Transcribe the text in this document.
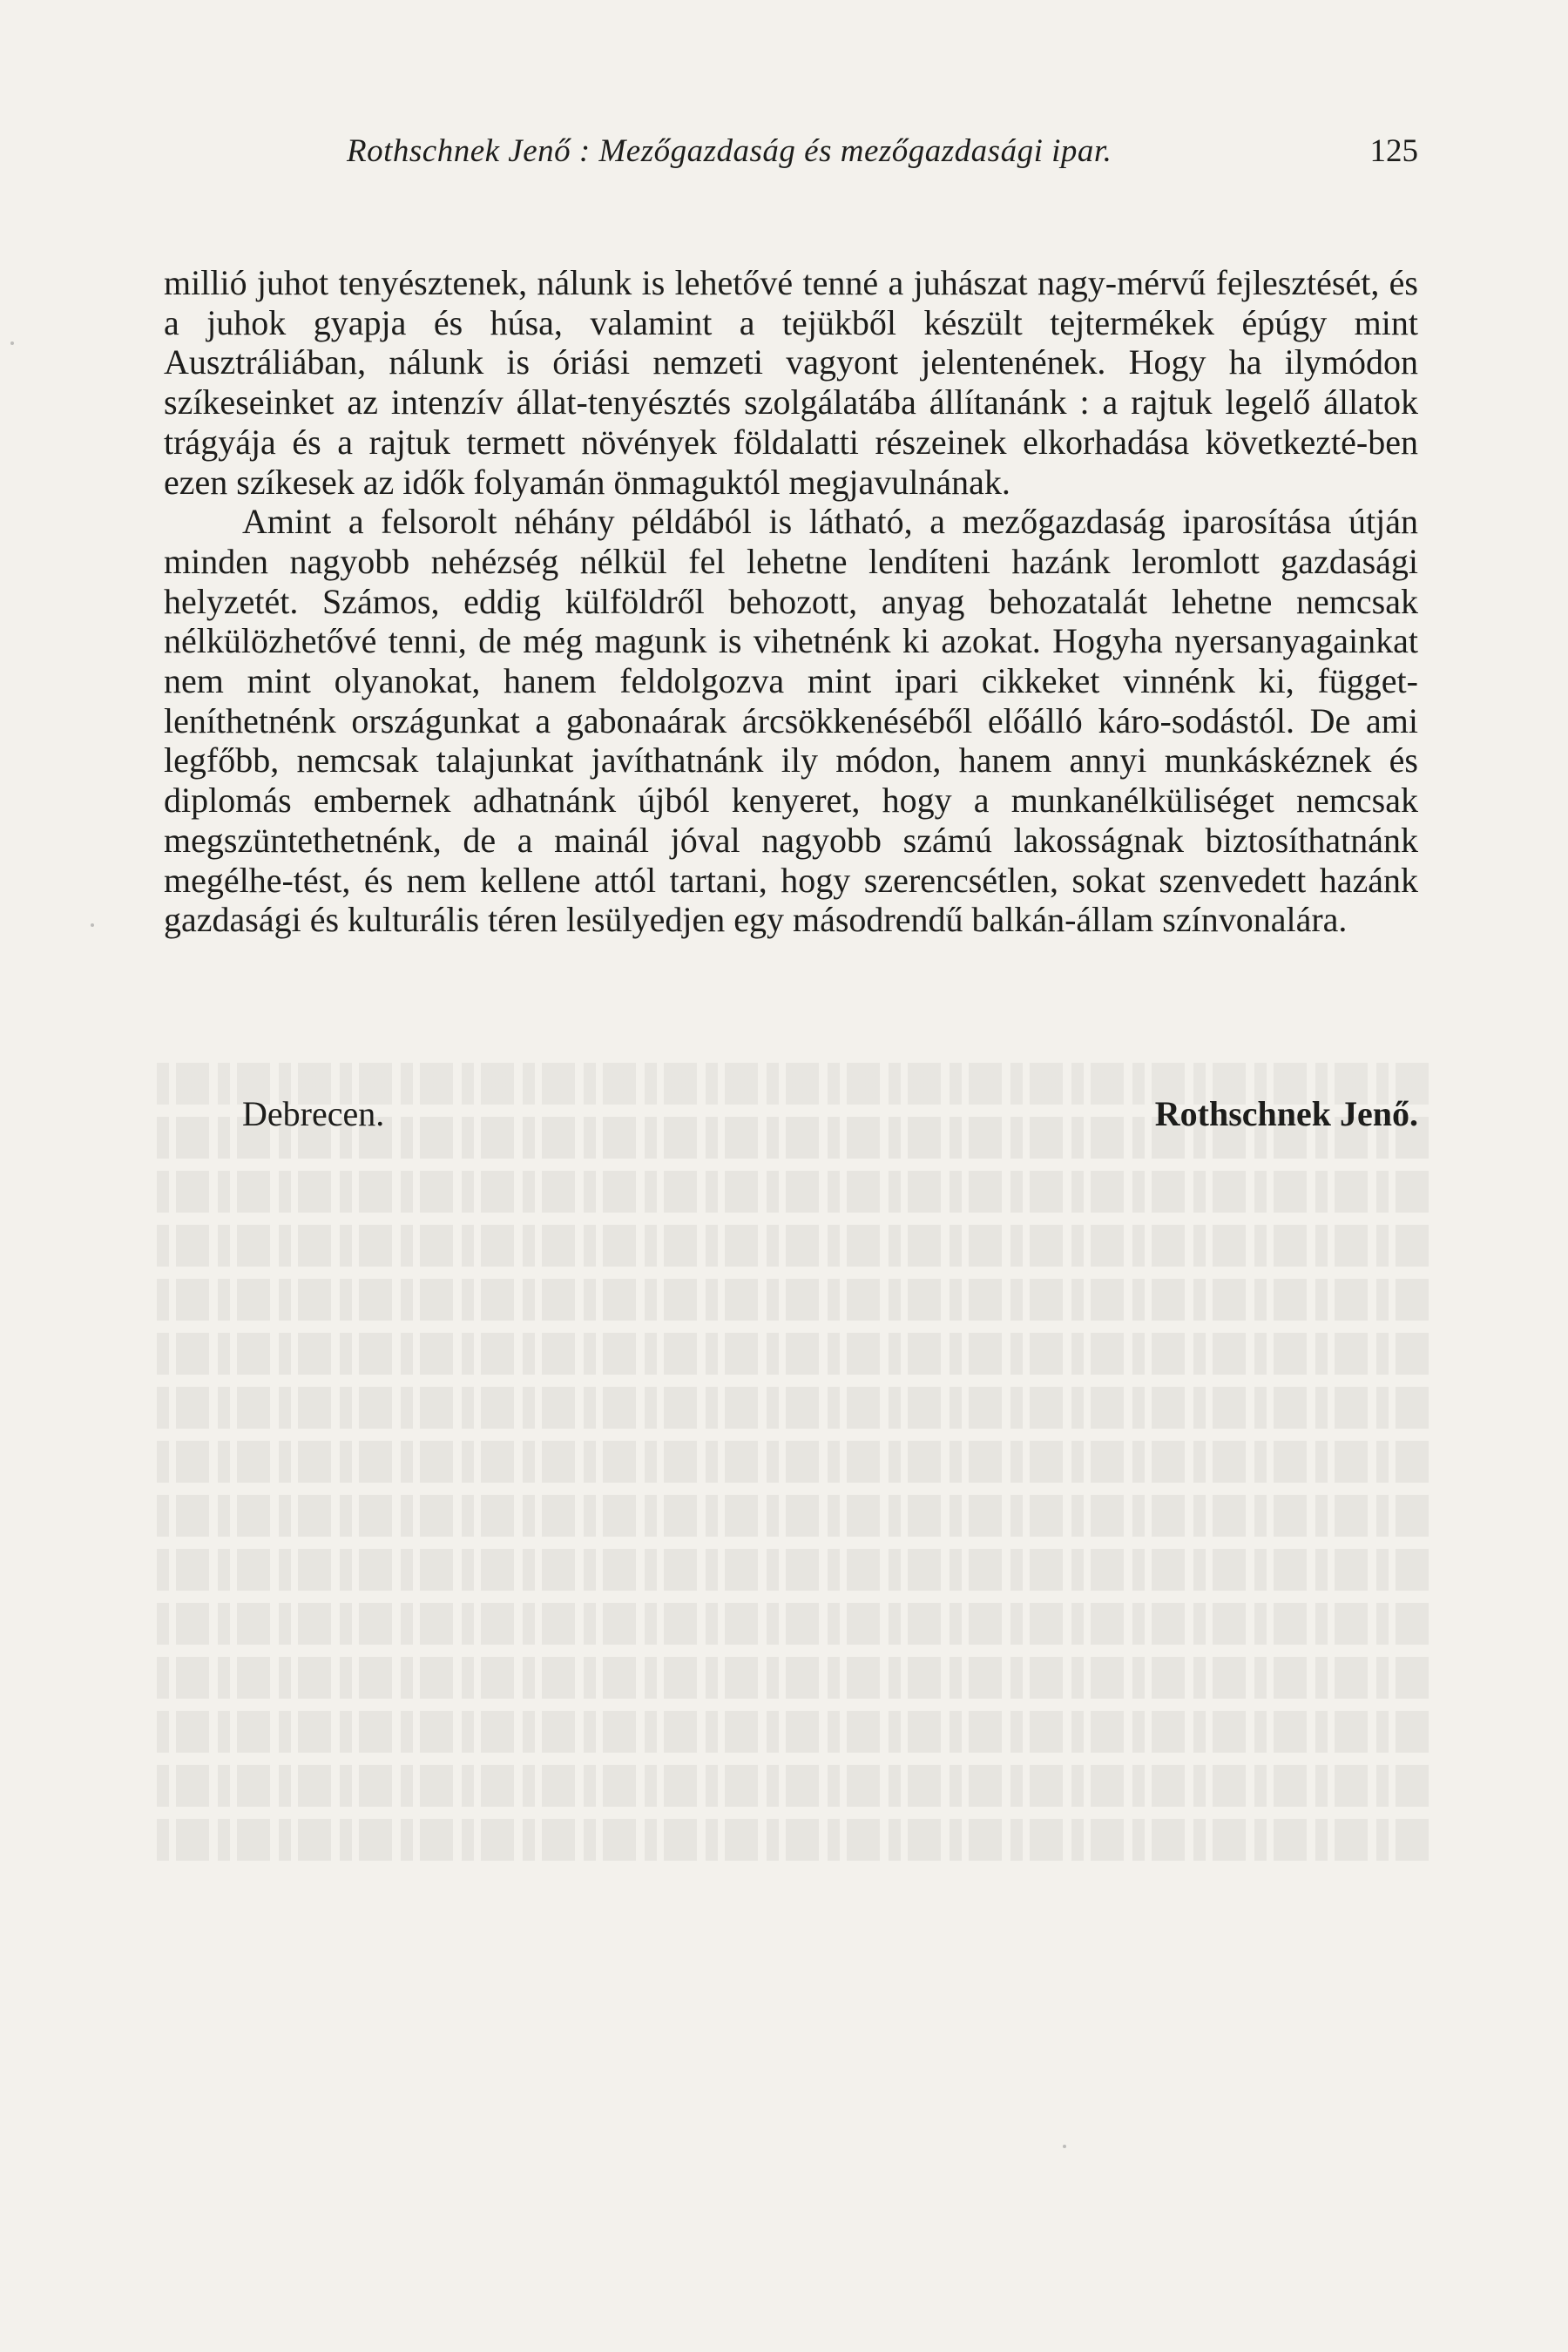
Rothschnek Jenő : Mezőgazdaság és mezőgazdasági ipar.	125

millió juhot tenyésztenek, nálunk is lehetővé tenné a juhászat nagy-mérvű fejlesztését, és a juhok gyapja és húsa, valamint a tejükből készült tejtermékek épúgy mint Ausztráliában, nálunk is óriási nemzeti vagyont jelentenének. Hogy ha ilymódon szíkeseinket az intenzív állat-tenyésztés szolgálatába állítanánk : a rajtuk legelő állatok trágyája és a rajtuk termett növények földalatti részeinek elkorhadása következté-ben ezen szíkesek az idők folyamán önmaguktól megjavulnának.

Amint a felsorolt néhány példából is látható, a mezőgazdaság iparosítása útján minden nagyobb nehézség nélkül fel lehetne lendíteni hazánk leromlott gazdasági helyzetét. Számos, eddig külföldről behozott, anyag behozatalát lehetne nemcsak nélkülözhetővé tenni, de még magunk is vihetnénk ki azokat. Hogyha nyersanyagainkat nem mint olyanokat, hanem feldolgozva mint ipari cikkeket vinnénk ki, függet-leníthetnénk országunkat a gabonaárak árcsökkenéséből előálló káro-sodástól. De ami legfőbb, nemcsak talajunkat javíthatnánk ily módon, hanem annyi munkáskéznek és diplomás embernek adhatnánk újból kenyeret, hogy a munkanélküliséget nemcsak megszüntethetnénk, de a mainál jóval nagyobb számú lakosságnak biztosíthatnánk megélhe-tést, és nem kellene attól tartani, hogy szerencsétlen, sokat szenvedett hazánk gazdasági és kulturális téren lesülyedjen egy másodrendű balkán-állam színvonalára.

Debrecen.	Rothschnek Jenő.
